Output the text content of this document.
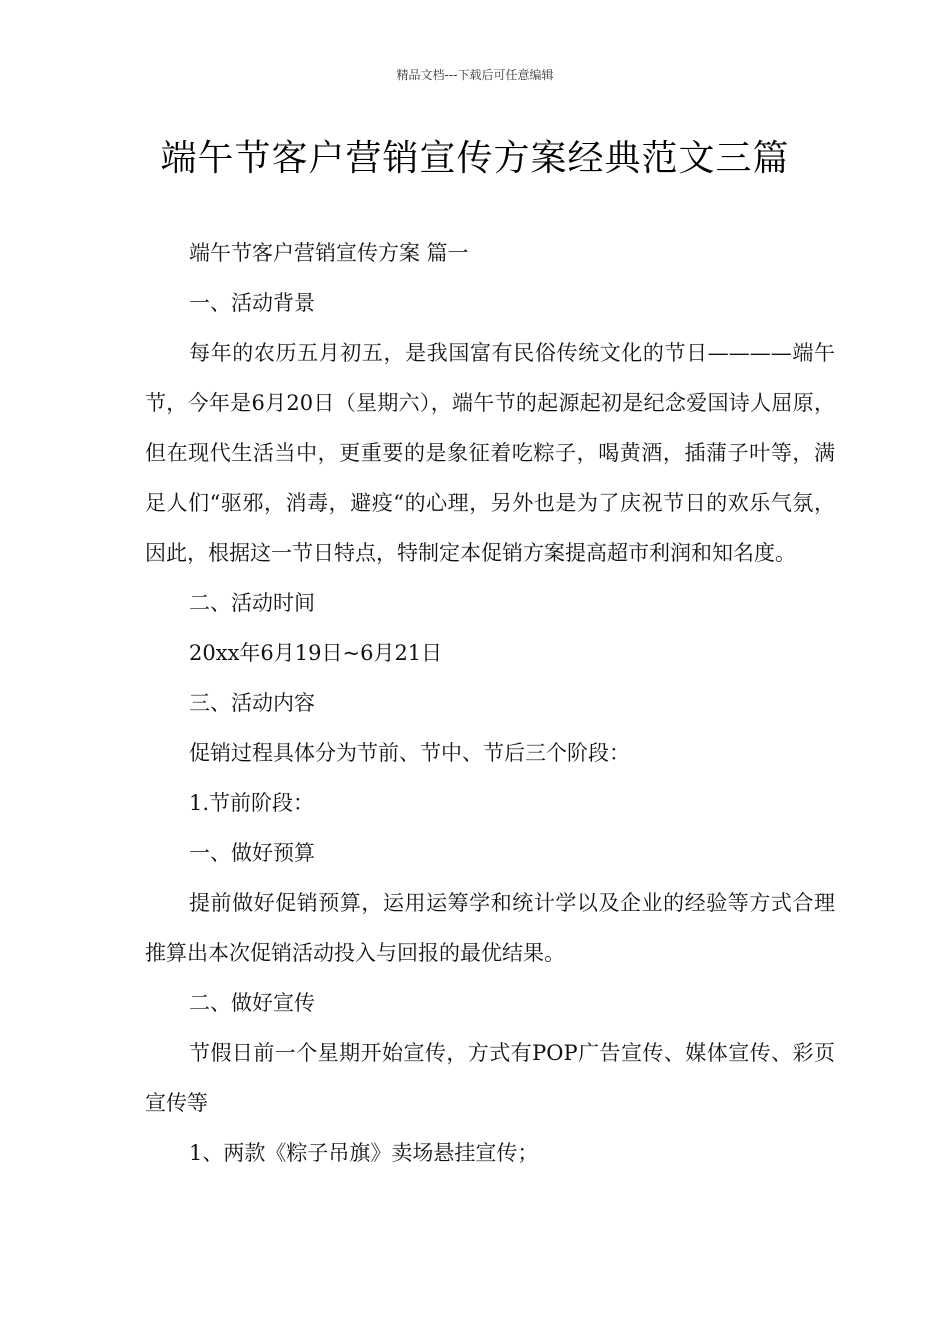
精品文档---下载后可任意编辑
端午节客户营销宣传方案经典范文三篇

端午节客户营销宣传方案 篇一

一、活动背景

每年的农历五月初五，是我国富有民俗传统文化的节日————端午节，今年是6月20日（星期六），端午节的起源起初是纪念爱国诗人屈原，但在现代生活当中，更重要的是象征着吃粽子，喝黄酒，插蒲子叶等，满足人们“驱邪，消毒，避疫“的心理，另外也是为了庆祝节日的欢乐气氛，因此，根据这一节日特点，特制定本促销方案提高超市利润和知名度。

二、活动时间

20xx年6月19日~6月21日

三、活动内容

促销过程具体分为节前、节中、节后三个阶段：

1.节前阶段：

一、做好预算

提前做好促销预算，运用运筹学和统计学以及企业的经验等方式合理推算出本次促销活动投入与回报的最优结果。

二、做好宣传

节假日前一个星期开始宣传，方式有POP广告宣传、媒体宣传、彩页宣传等

1、两款《粽子吊旗》卖场悬挂宣传；
